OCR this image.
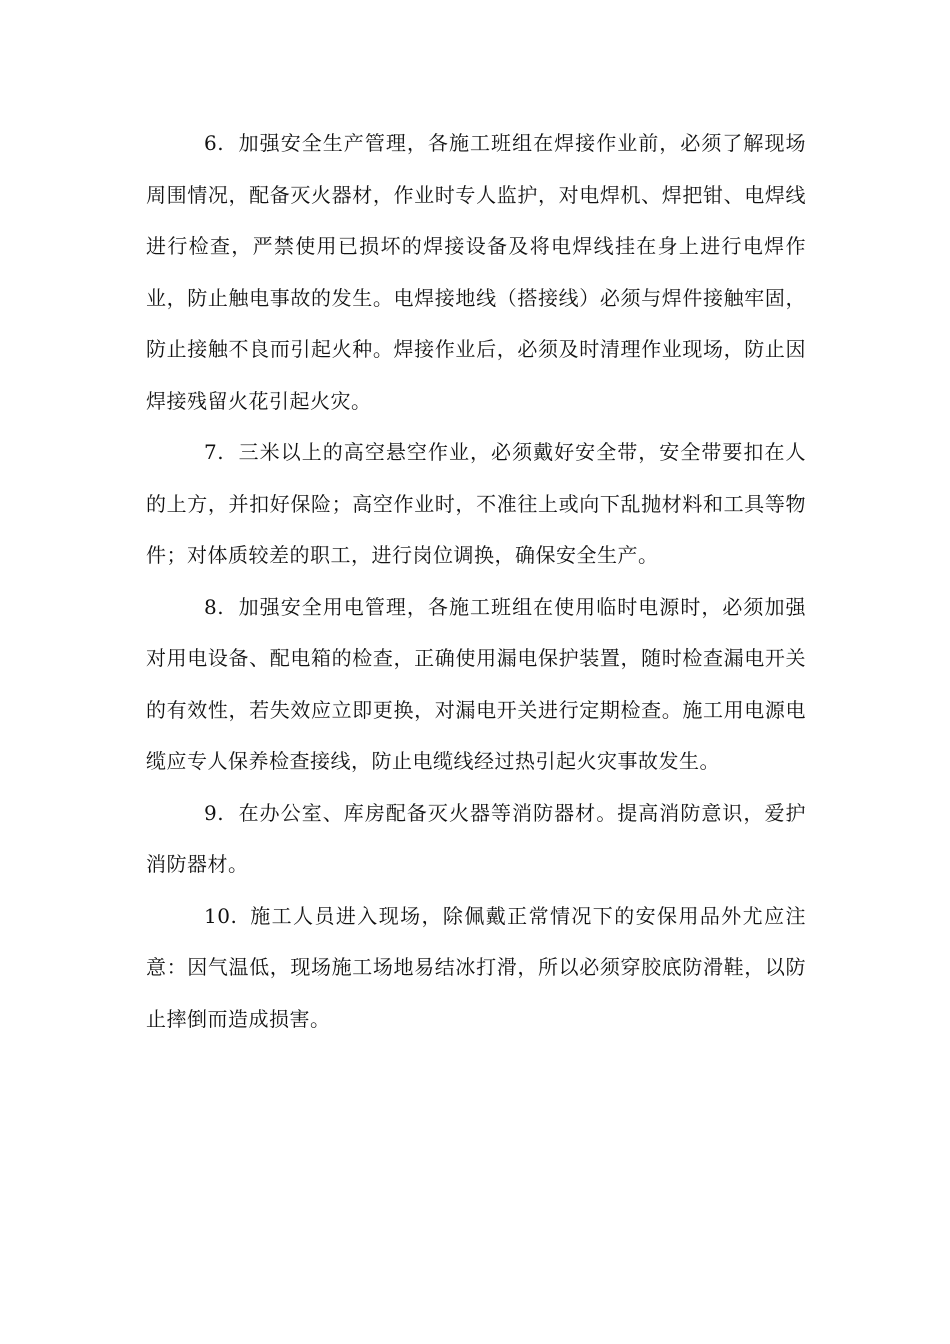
6. 加强安全生产管理，各施工班组在焊接作业前，必须了解现场周围情况，配备灭火器材，作业时专人监护，对电焊机、焊把钳、电焊线进行检查，严禁使用已损坏的焊接设备及将电焊线挂在身上进行电焊作业，防止触电事故的发生。电焊接地线（搭接线）必须与焊件接触牢固，防止接触不良而引起火种。焊接作业后，必须及时清理作业现场，防止因焊接残留火花引起火灾。

7. 三米以上的高空悬空作业，必须戴好安全带，安全带要扣在人的上方，并扣好保险；高空作业时，不准往上或向下乱抛材料和工具等物件；对体质较差的职工，进行岗位调换，确保安全生产。

8. 加强安全用电管理，各施工班组在使用临时电源时，必须加强对用电设备、配电箱的检查，正确使用漏电保护装置，随时检查漏电开关的有效性，若失效应立即更换，对漏电开关进行定期检查。施工用电源电缆应专人保养检查接线，防止电缆线经过热引起火灾事故发生。

9. 在办公室、库房配备灭火器等消防器材。提高消防意识，爱护消防器材。

10. 施工人员进入现场，除佩戴正常情况下的安保用品外尤应注意：因气温低，现场施工场地易结冰打滑，所以必须穿胶底防滑鞋，以防止摔倒而造成损害。
